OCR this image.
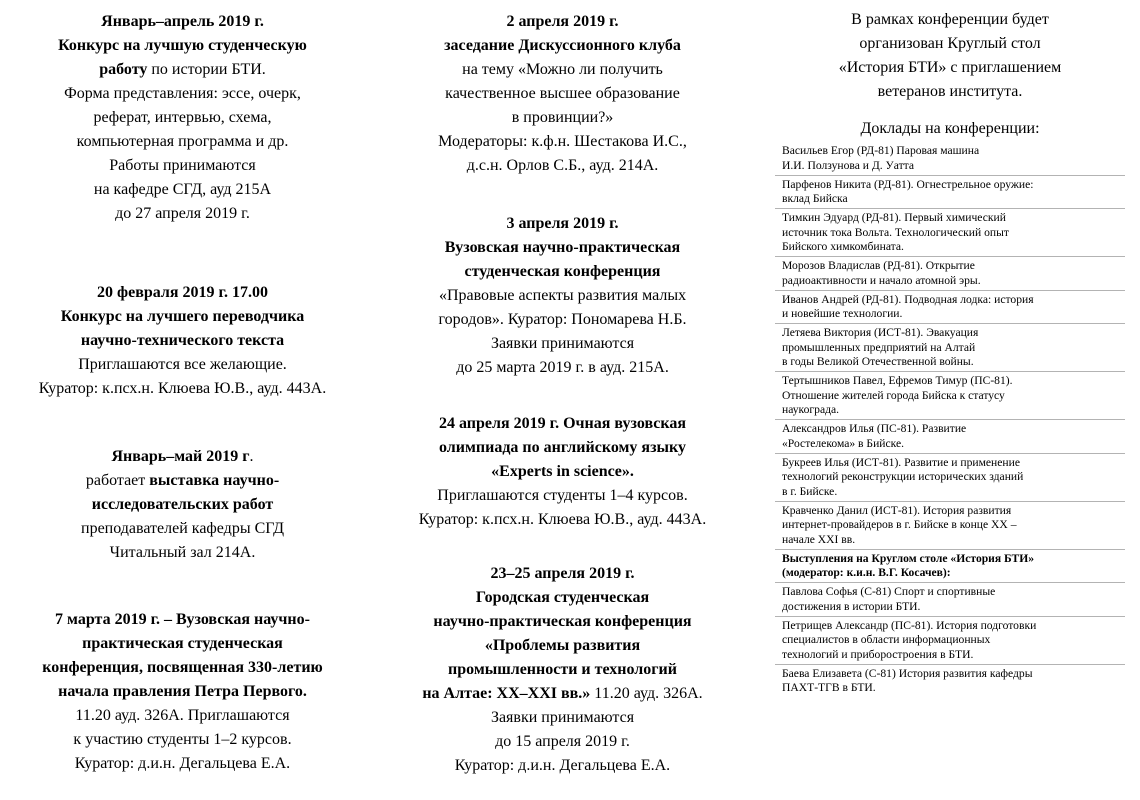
Январь–апрель 2019 г.
Конкурс на лучшую студенческую
работу по истории БТИ.
Форма представления: эссе, очерк,
реферат, интервью, схема,
компьютерная программа и др.
Работы принимаются
на кафедре СГД, ауд 215А
до 27 апреля 2019 г.
20 февраля 2019 г. 17.00
Конкурс на лучшего переводчика
научно-технического текста
Приглашаются все желающие.
Куратор: к.псх.н. Клюева Ю.В., ауд. 443А.
Январь–май 2019 г.
работает выставка научно-
исследовательских работ
преподавателей кафедры СГД
Читальный зал 214А.
7 марта 2019 г. – Вузовская научно-
практическая студенческая
конференция, посвященная 330-летию
начала правления Петра Первого.
11.20 ауд. 326А. Приглашаются
к участию студенты 1–2 курсов.
Куратор: д.и.н. Дегальцева Е.А.
2 апреля 2019 г.
заседание Дискуссионного клуба
на тему «Можно ли получить
качественное высшее образование
в провинции?»
Модераторы: к.ф.н. Шестакова И.С.,
д.с.н. Орлов С.Б., ауд. 214А.
3 апреля 2019 г.
Вузовская научно-практическая
студенческая конференция
«Правовые аспекты развития малых
городов». Куратор: Пономарева Н.Б.
Заявки принимаются
до 25 марта 2019 г. в ауд. 215А.
24 апреля 2019 г. Очная вузовская
олимпиада по английскому языку
«Experts in science».
Приглашаются студенты 1–4 курсов.
Куратор: к.псх.н. Клюева Ю.В., ауд. 443А.
23–25 апреля 2019 г.
Городская студенческая
научно-практическая конференция
«Проблемы развития
промышленности и технологий
на Алтае: XX–XXI вв.» 11.20 ауд. 326А.
Заявки принимаются
до 15 апреля 2019 г.
Куратор: д.и.н. Дегальцева Е.А.
В рамках конференции будет
организован Круглый стол
«История БТИ» с приглашением
ветеранов института.
Доклады на конференции:
Васильев Егор (РД-81) Паровая машина
И.И. Ползунова и Д. Уатта
Парфенов Никита (РД-81). Огнестрельное оружие:
вклад Бийска
Тимкин Эдуард (РД-81). Первый химический
источник тока Вольта. Технологический опыт
Бийского химкомбината.
Морозов Владислав (РД-81). Открытие
радиоактивности и начало атомной эры.
Иванов Андрей (РД-81). Подводная лодка: история
и новейшие технологии.
Летяева Виктория (ИСТ-81). Эвакуация
промышленных предприятий на Алтай
в годы Великой Отечественной войны.
Тертышников Павел, Ефремов Тимур (ПС-81).
Отношение жителей города Бийска к статусу
наукограда.
Александров Илья (ПС-81). Развитие
«Ростелекома» в Бийске.
Букреев Илья (ИСТ-81). Развитие и применение
технологий реконструкции исторических зданий
в г. Бийске.
Кравченко Данил (ИСТ-81). История развития
интернет-провайдеров в г. Бийске в конце XX –
начале XXI вв.
Выступления на Круглом столе «История БТИ»
(модератор: к.и.н. В.Г. Косачев):
Павлова Софья (С-81) Спорт и спортивные
достижения в истории БТИ.
Петрищев Александр (ПС-81). История подготовки
специалистов в области информационных
технологий и приборостроения в БТИ.
Баева Елизавета (С-81) История развития кафедры
ПАХТ-ТГВ в БТИ.
